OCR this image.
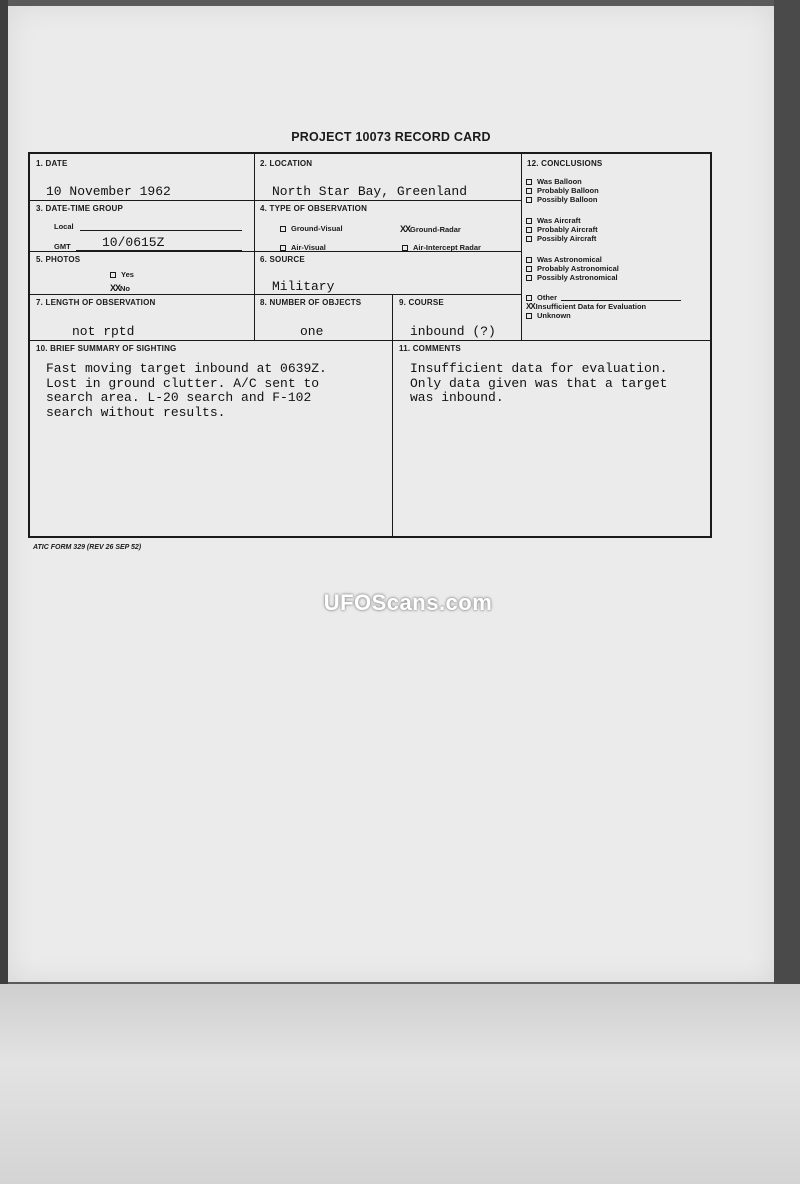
PROJECT 10073 RECORD CARD
1. DATE
10 November 1962
2. LOCATION
North Star Bay, Greenland
3. DATE-TIME GROUP
Local
GMT 10/0615Z
4. TYPE OF OBSERVATION
Ground-Visual	XXGround-Radar
Air-Visual	Air-Intercept Radar
5. PHOTOS
Yes
XXNo
6. SOURCE
Military
7. LENGTH OF OBSERVATION
not rptd
8. NUMBER OF OBJECTS
one
9. COURSE
inbound (?)
10. BRIEF SUMMARY OF SIGHTING
Fast moving target inbound at 0639Z.
Lost in ground clutter. A/C sent to
search area. L-20 search and F-102
search without results.
11. COMMENTS
Insufficient data for evaluation.
Only data given was that a target
was inbound.
12. CONCLUSIONS
Was Balloon
Probably Balloon
Possibly Balloon
Was Aircraft
Probably Aircraft
Possibly Aircraft
Was Astronomical
Probably Astronomical
Possibly Astronomical
Other
XXInsufficient Data for Evaluation
Unknown
ATIC FORM 329 (REV 26 SEP 52)
UFOScans.com
